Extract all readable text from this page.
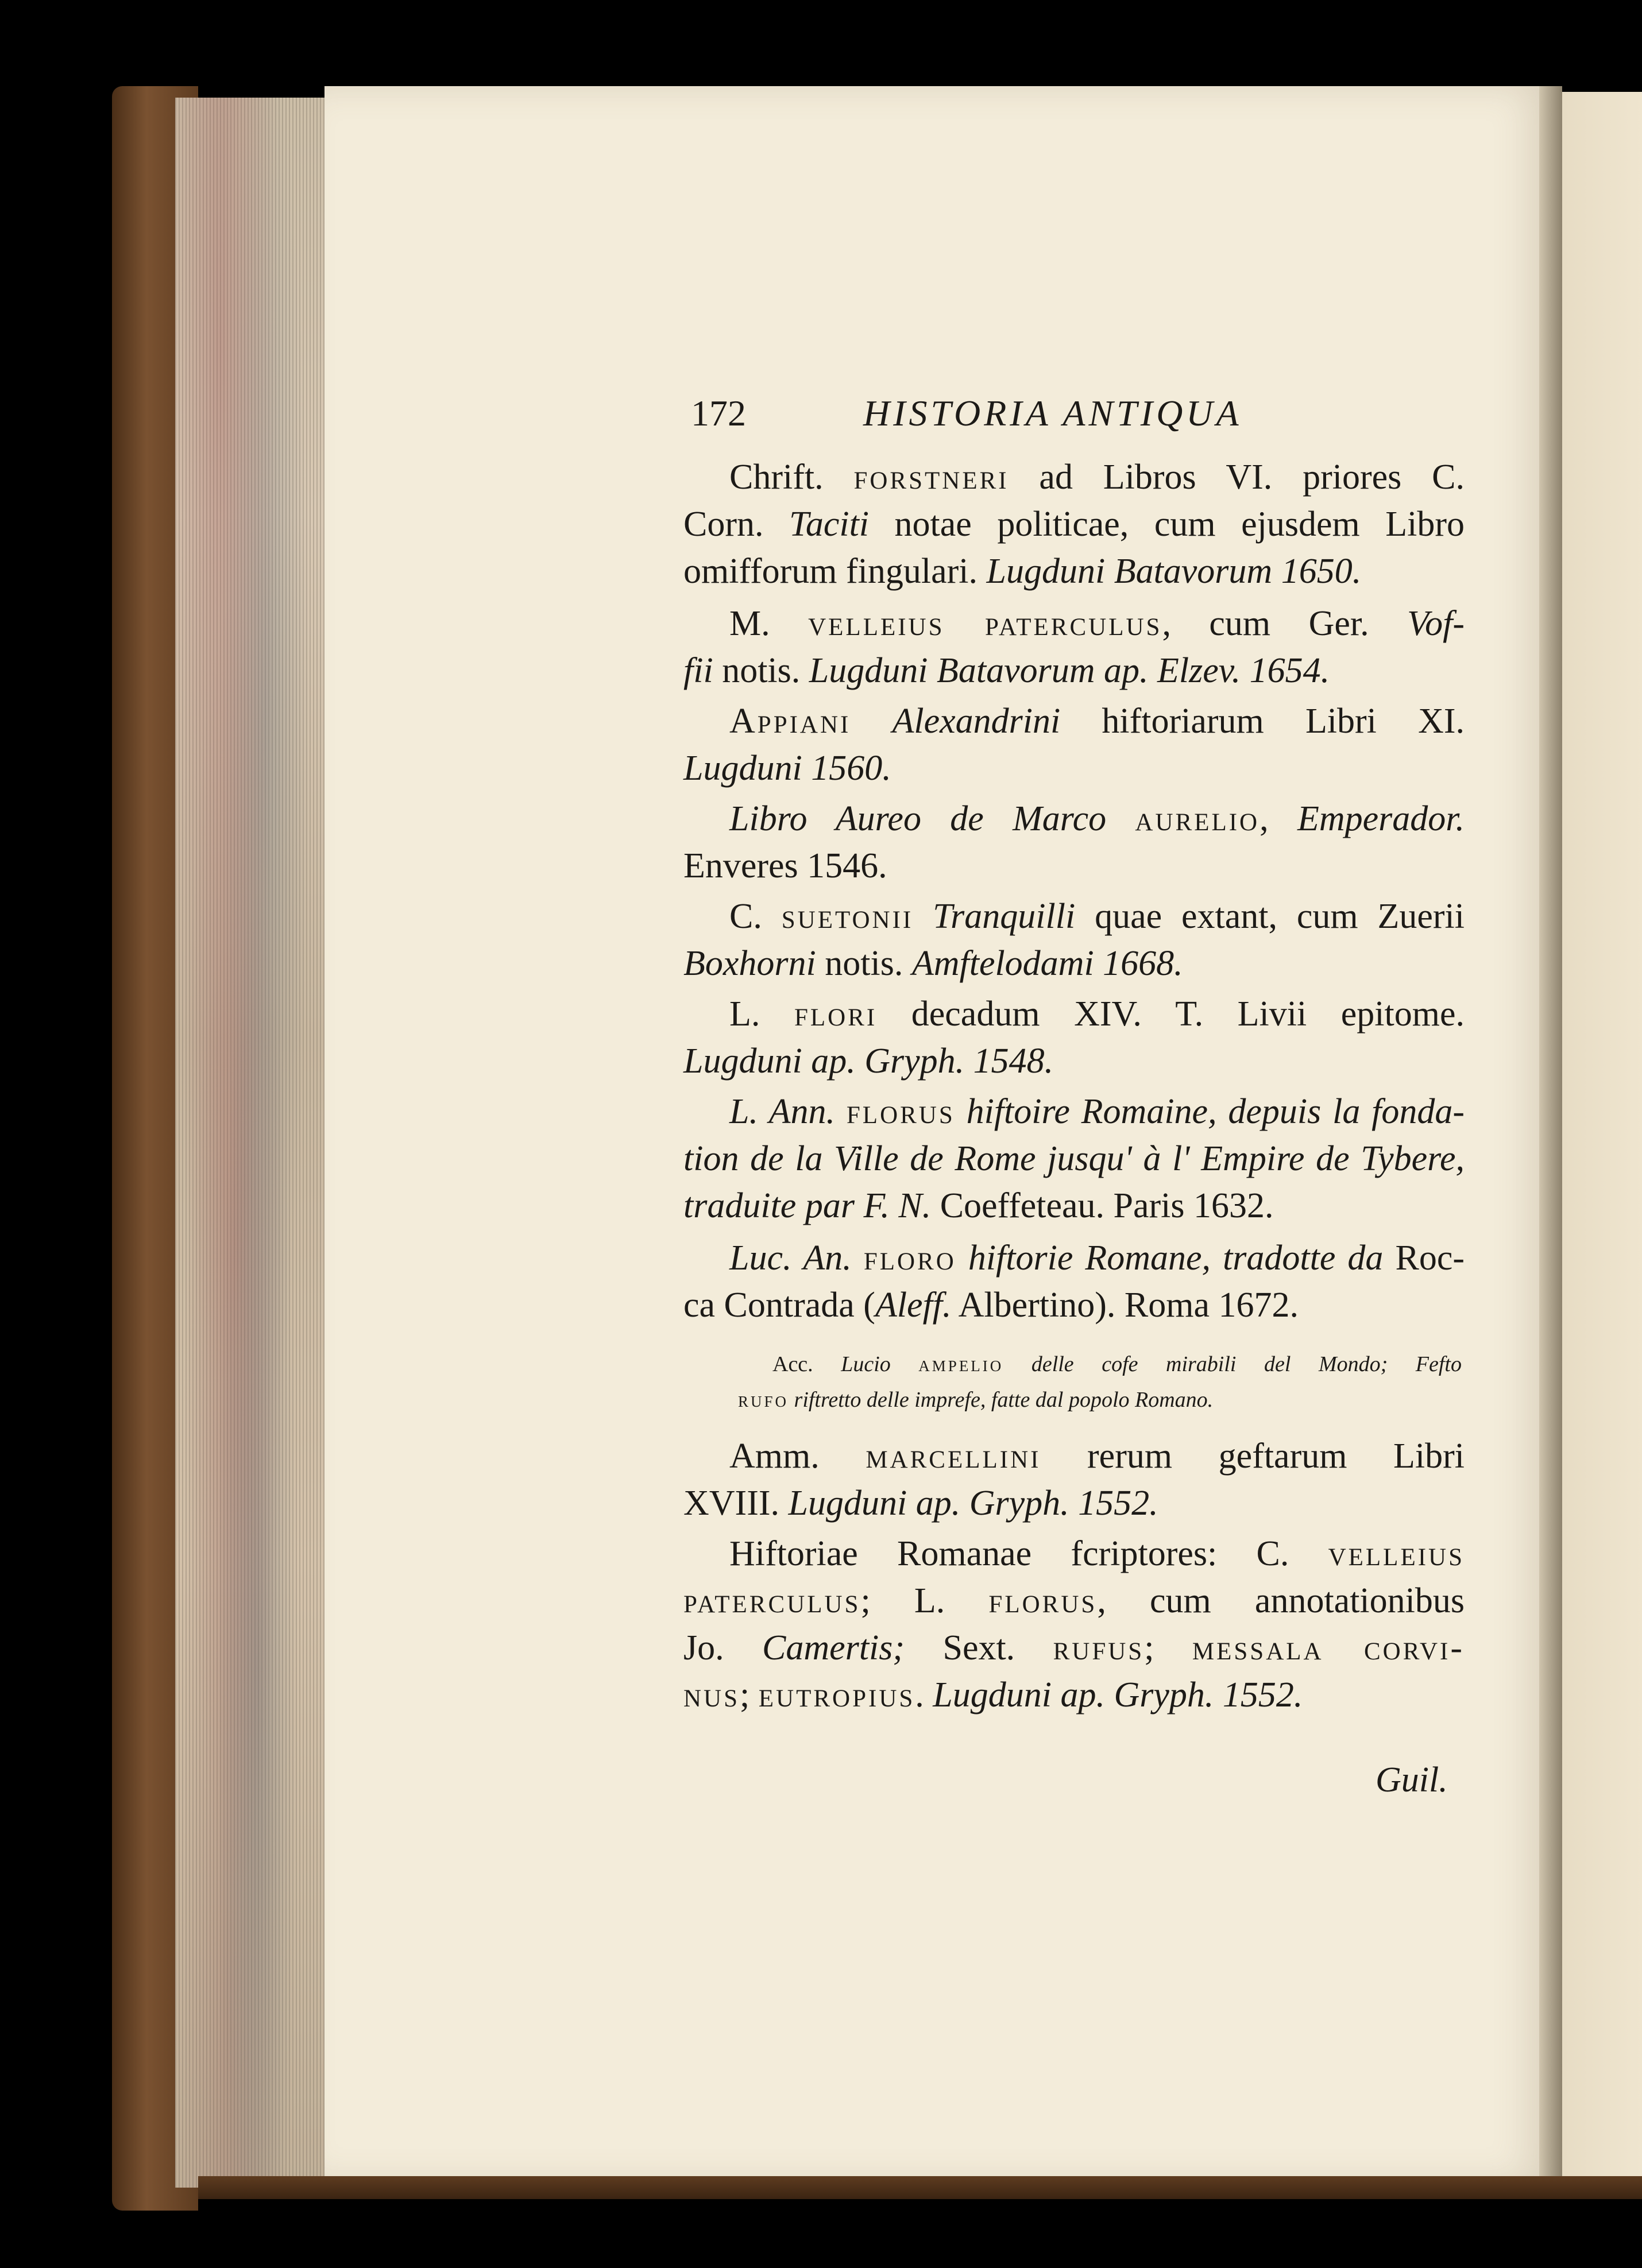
172	HISTORIA ANTIQUA
Chrift. forstneri ad Libros VI. priores C.
Corn. Taciti notae politicae, cum ejusdem Libro
omifforum fingulari. Lugduni Batavorum 1650.
M. velleius paterculus, cum Ger. Vof-
fii notis. Lugduni Batavorum ap. Elzev. 1654.
Appiani Alexandrini hiftoriarum Libri XI.
Lugduni 1560.
Libro Aureo de Marco aurelio, Emperador.
Enveres 1546.
C. suetonii Tranquilli quae extant, cum Zuerii
Boxhorni notis. Amftelodami 1668.
L. flori decadum XIV. T. Livii epitome.
Lugduni ap. Gryph. 1548.
L. Ann. florus hiftoire Romaine, depuis la fonda-
tion de la Ville de Rome jusqu' à l' Empire de Tybere,
traduite par F. N. Coeffeteau. Paris 1632.
Luc. An. floro hiftorie Romane, tradotte da Roc-
ca Contrada (Aleff. Albertino). Roma 1672.
Amm. marcellini rerum geftarum Libri
XVIII. Lugduni ap. Gryph. 1552.
Hiftoriae Romanae fcriptores: C. velleius
paterculus; L. florus, cum annotationibus
Jo. Camertis; Sext. rufus; messala corvi-
nus; eutropius. Lugduni ap. Gryph. 1552.
Acc. Lucio ampelio delle cofe mirabili del Mondo; Fefto
rufo riftretto delle imprefe, fatte dal popolo Romano.
Guil.
